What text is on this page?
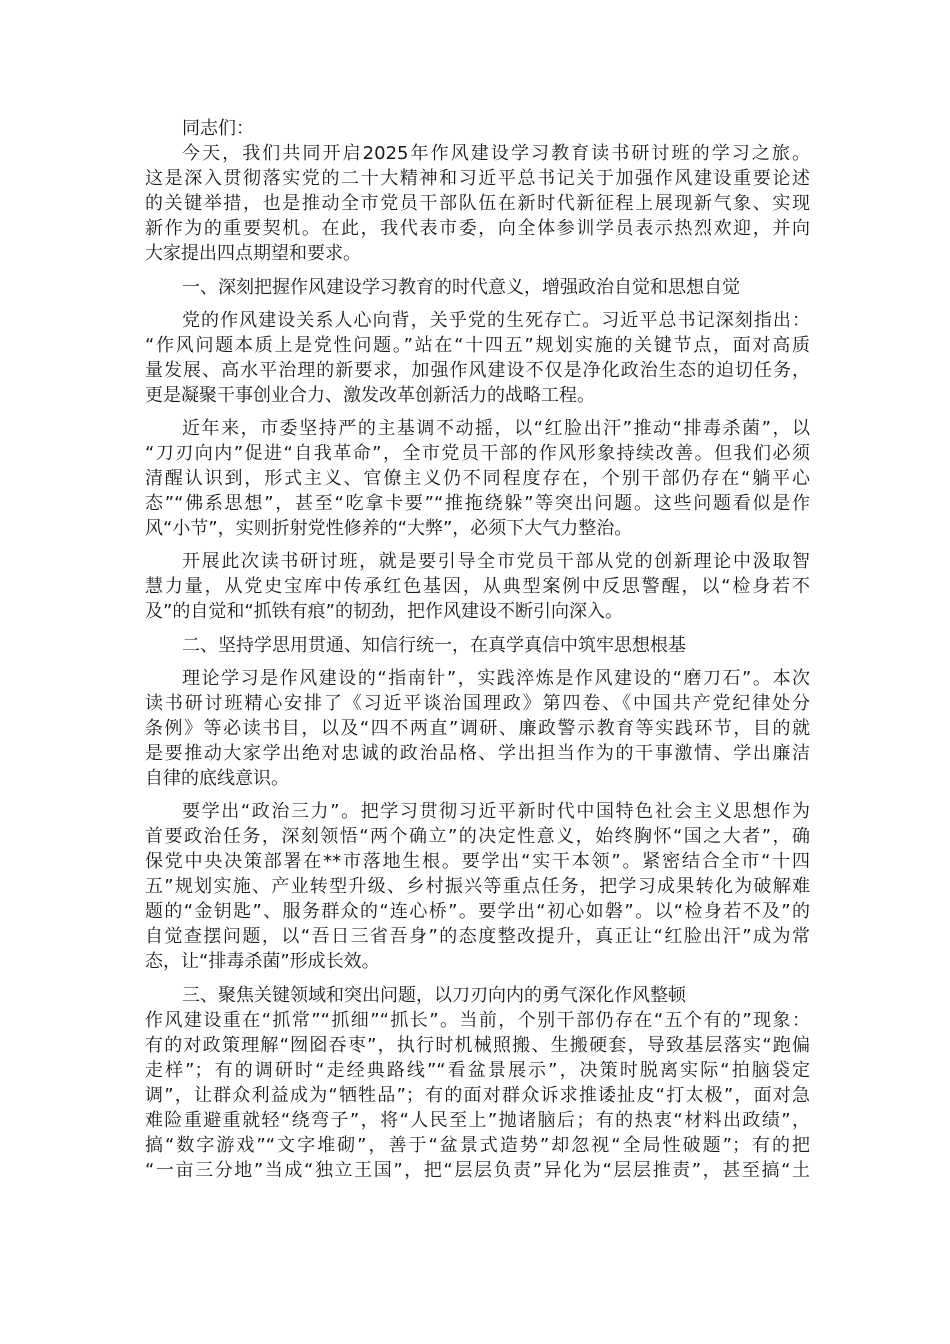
同志们：
今天，我们共同开启2025年作风建设学习教育读书研讨班的学习之旅。
这是深入贯彻落实党的二十大精神和习近平总书记关于加强作风建设重要论述
的关键举措，也是推动全市党员干部队伍在新时代新征程上展现新气象、实现
新作为的重要契机。在此，我代表市委，向全体参训学员表示热烈欢迎，并向
大家提出四点期望和要求。
一、深刻把握作风建设学习教育的时代意义，增强政治自觉和思想自觉
党的作风建设关系人心向背，关乎党的生死存亡。习近平总书记深刻指出：
“作风问题本质上是党性问题。”站在“十四五”规划实施的关键节点，面对高质
量发展、高水平治理的新要求，加强作风建设不仅是净化政治生态的迫切任务，
更是凝聚干事创业合力、激发改革创新活力的战略工程。
近年来，市委坚持严的主基调不动摇，以“红脸出汗”推动“排毒杀菌”，以
“刀刃向内”促进“自我革命”，全市党员干部的作风形象持续改善。但我们必须
清醒认识到，形式主义、官僚主义仍不同程度存在，个别干部仍存在“躺平心
态”“佛系思想”，甚至“吃拿卡要”“推拖绕躲”等突出问题。这些问题看似是作
风“小节”，实则折射党性修养的“大弊”，必须下大气力整治。
开展此次读书研讨班，就是要引导全市党员干部从党的创新理论中汲取智
慧力量，从党史宝库中传承红色基因，从典型案例中反思警醒，以“检身若不
及”的自觉和“抓铁有痕”的韧劲，把作风建设不断引向深入。
二、坚持学思用贯通、知信行统一，在真学真信中筑牢思想根基
理论学习是作风建设的“指南针”，实践淬炼是作风建设的“磨刀石”。本次
读书研讨班精心安排了《习近平谈治国理政》第四卷、《中国共产党纪律处分
条例》等必读书目，以及“四不两直”调研、廉政警示教育等实践环节，目的就
是要推动大家学出绝对忠诚的政治品格、学出担当作为的干事激情、学出廉洁
自律的底线意识。
要学出“政治三力”。把学习贯彻习近平新时代中国特色社会主义思想作为
首要政治任务，深刻领悟“两个确立”的决定性意义，始终胸怀“国之大者”，确
保党中央决策部署在**市落地生根。要学出“实干本领”。紧密结合全市“十四
五”规划实施、产业转型升级、乡村振兴等重点任务，把学习成果转化为破解难
题的“金钥匙”、服务群众的“连心桥”。要学出“初心如磐”。以“检身若不及”的
自觉查摆问题，以“吾日三省吾身”的态度整改提升，真正让“红脸出汗”成为常
态，让“排毒杀菌”形成长效。
三、聚焦关键领域和突出问题，以刀刃向内的勇气深化作风整顿
作风建设重在“抓常”“抓细”“抓长”。当前，个别干部仍存在“五个有的”现象：
有的对政策理解“囫囵吞枣”，执行时机械照搬、生搬硬套，导致基层落实“跑偏
走样”；有的调研时“走经典路线”“看盆景展示”，决策时脱离实际“拍脑袋定
调”，让群众利益成为“牺牲品”；有的面对群众诉求推诿扯皮“打太极”，面对急
难险重避重就轻“绕弯子”，将“人民至上”抛诸脑后；有的热衷“材料出政绩”，
搞“数字游戏”“文字堆砌”，善于“盆景式造势”却忽视“全局性破题”；有的把
“一亩三分地”当成“独立王国”，把“层层负责”异化为“层层推责”，甚至搞“土
